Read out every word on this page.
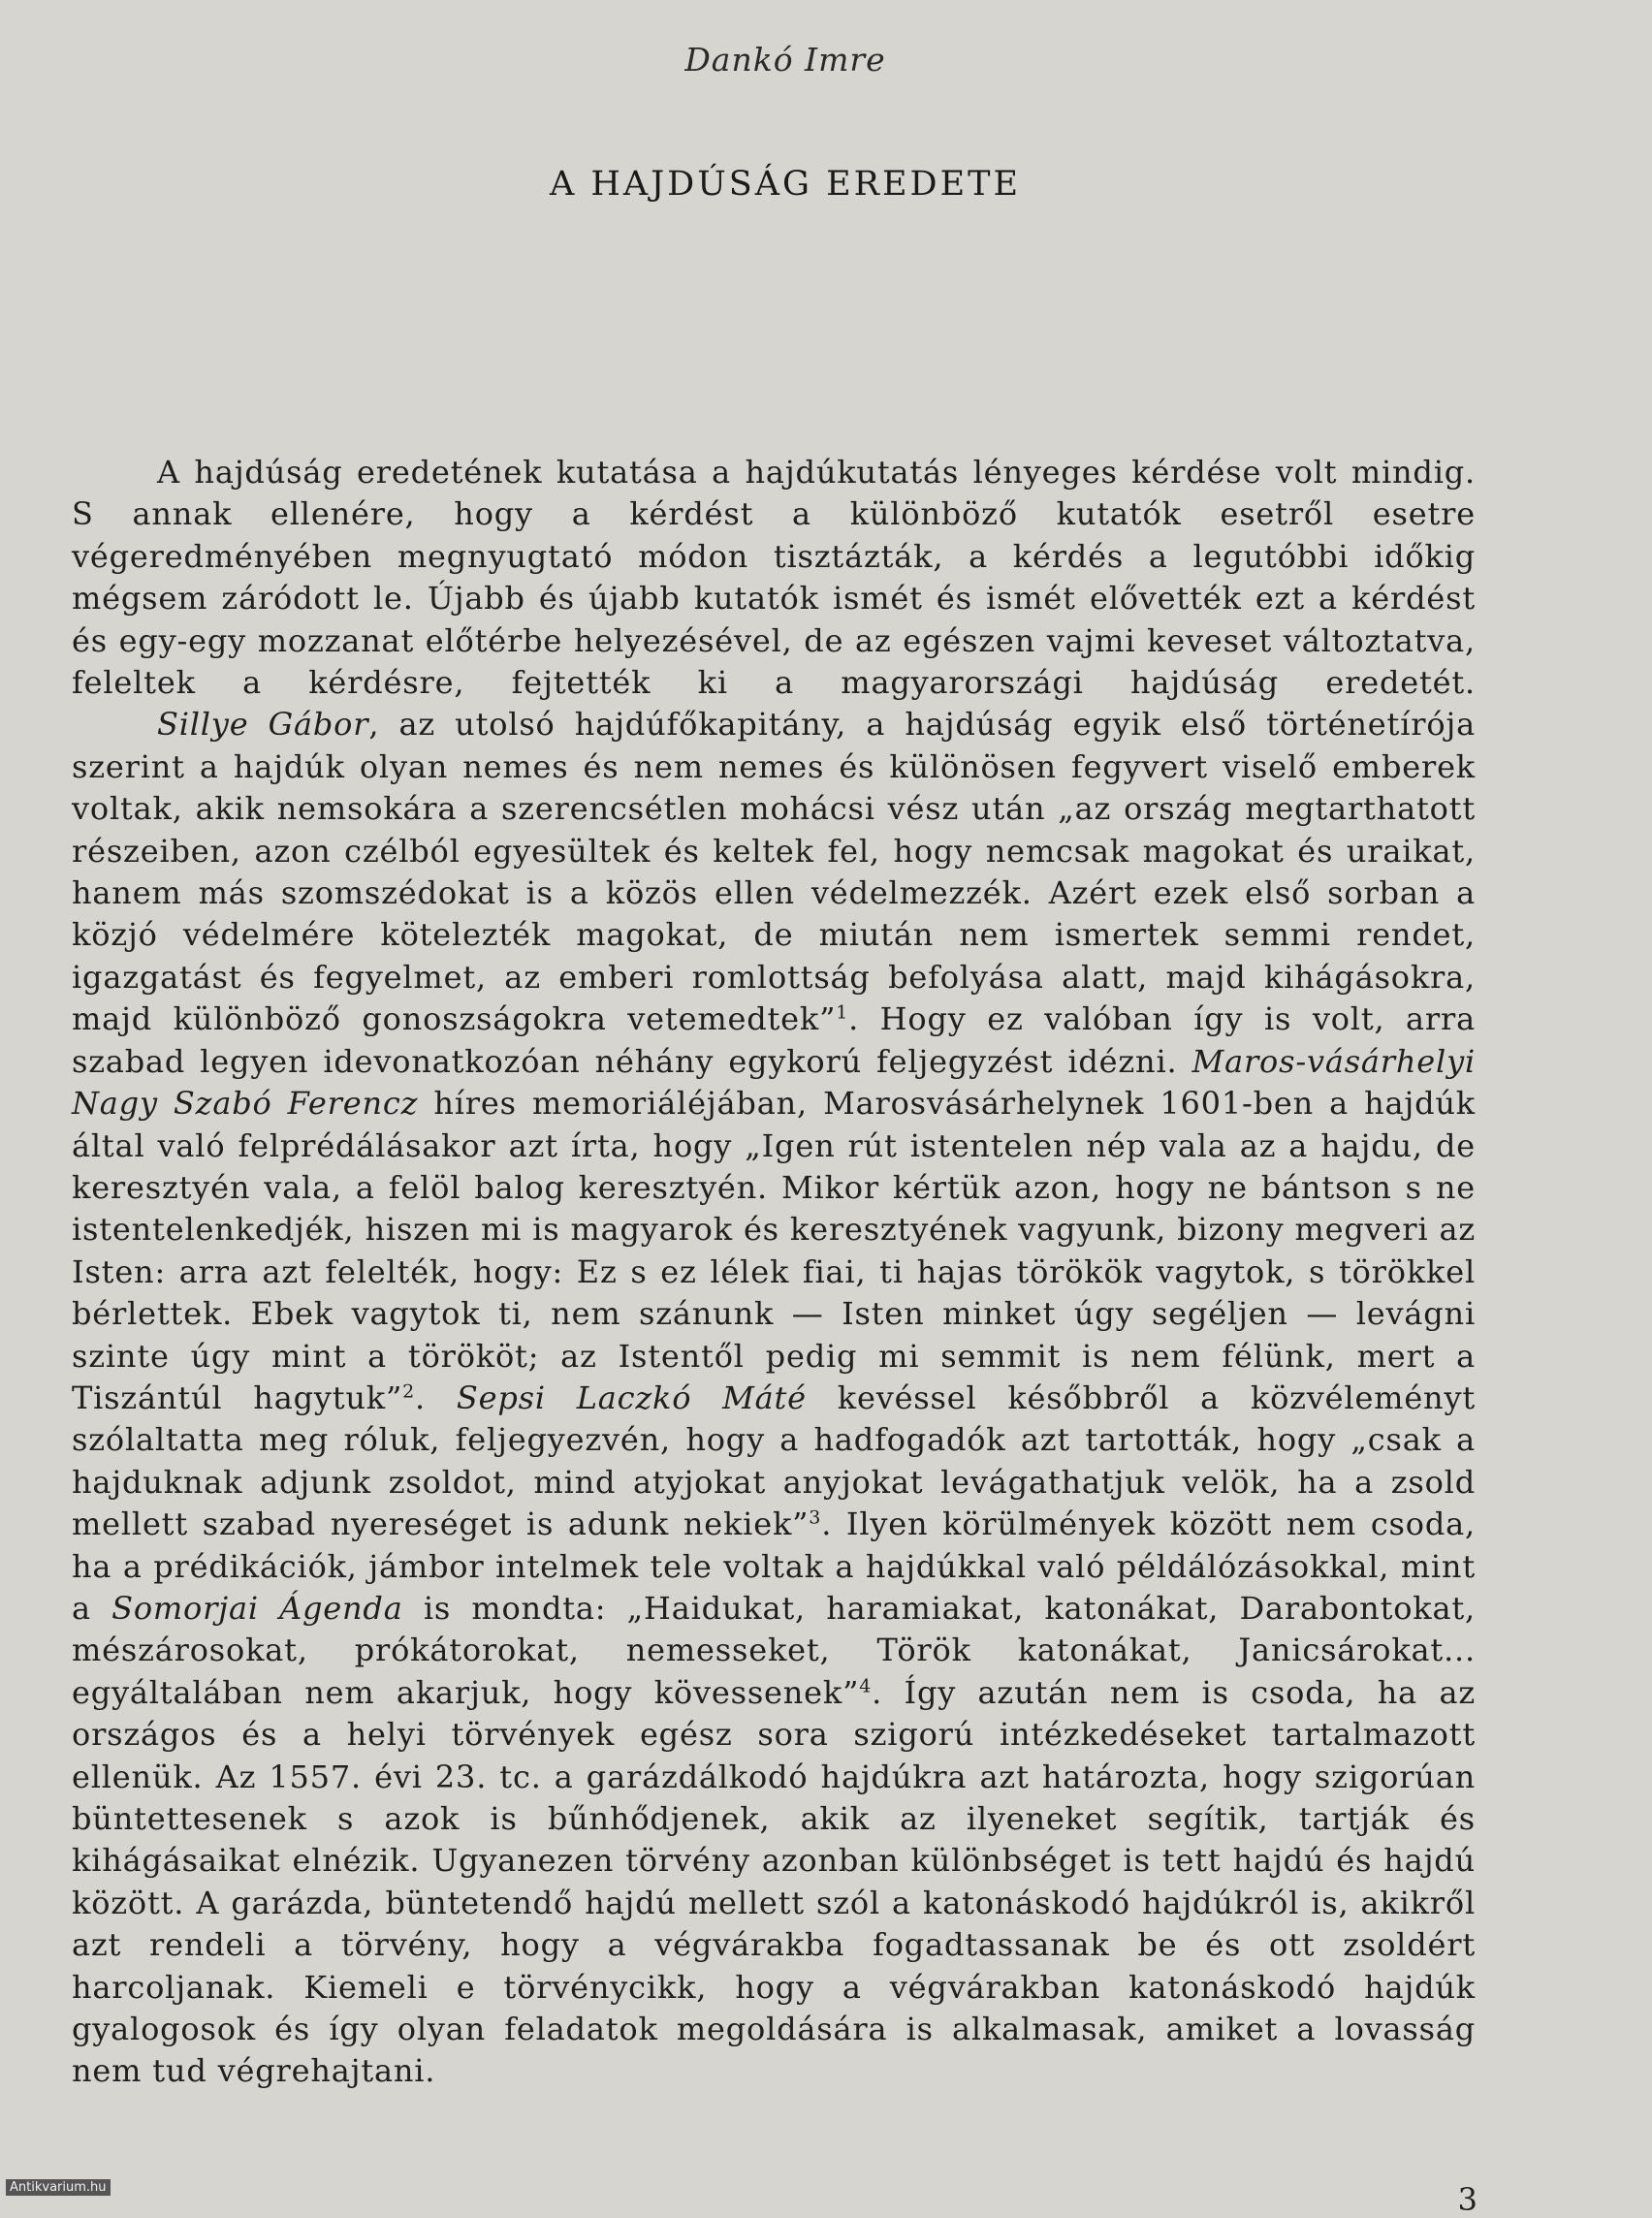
Dankó Imre
A HAJDÚSÁG EREDETE

A hajdúság eredetének kutatása a hajdúkutatás lényeges kérdése volt mindig. S annak ellenére, hogy a kérdést a különböző kutatók esetről esetre végeredményében megnyugtató módon tisztázták, a kérdés a legutóbbi időkig mégsem záródott le. Újabb és újabb kutatók ismét és ismét elővették ezt a kérdést és egy-egy mozzanat előtérbe helyezésével, de az egészen vajmi keveset változtatva, feleltek a kérdésre, fejtették ki a magyarországi hajdúság eredetét.

Sillye Gábor, az utolsó hajdúfőkapitány, a hajdúság egyik első történetírója szerint a hajdúk olyan nemes és nem nemes és különösen fegyvert viselő emberek voltak, akik nemsokára a szerencsétlen mohácsi vész után „az ország megtarthatott részeiben, azon czélból egyesültek és keltek fel, hogy nemcsak magokat és uraikat, hanem más szomszédokat is a közös ellen védelmezzék. Azért ezek első sorban a közjó védelmére kötelezték magokat, de miután nem ismertek semmi rendet, igazgatást és fegyelmet, az emberi romlottság befolyása alatt, majd kihágásokra, majd különböző gonoszságokra vetemedtek”$^1$. Hogy ez valóban így is volt, arra szabad legyen idevonatkozóan néhány egykorú feljegyzést idézni. Maros-vásárhelyi Nagy Szabó Ferencz híres memoriáléjában, Marosvásárhelynek 1601-ben a hajdúk által való felprédálásakor azt írta, hogy „Igen rút istentelen nép vala az a hajdu, de keresztyén vala, a felöl balog keresztyén. Mikor kértük azon, hogy ne bántson s ne istentelenkedjék, hiszen mi is magyarok és keresztyének vagyunk, bizony megveri az Isten: arra azt felelték, hogy: Ez s ez lélek fiai, ti hajas törökök vagytok, s törökkel bérlettek. Ebek vagytok ti, nem szánunk — Isten minket úgy segéljen — levágni szinte úgy mint a törököt; az Istentől pedig mi semmit is nem félünk, mert a Tiszántúl hagytuk”$^2$. Sepsi Laczkó Máté kevéssel későbbről a közvéleményt szólaltatta meg róluk, feljegyezvén, hogy a hadfogadók azt tartották, hogy „csak a hajduknak adjunk zsoldot, mind atyjokat anyjokat levágathatjuk velök, ha a zsold mellett szabad nyereséget is adunk nekiek”$^3$. Ilyen körülmények között nem csoda, ha a prédikációk, jámbor intelmek tele voltak a hajdúkkal való példálózásokkal, mint a Somorjai Ágenda is mondta: „Haidukat, haramiakat, katonákat, Darabontokat, mészárosokat, prókátorokat, nemesseket, Török katonákat, Janicsárokat... egyáltalában nem akarjuk, hogy kövessenek”$^4$. Így azután nem is csoda, ha az országos és a helyi törvények egész sora szigorú intézkedéseket tartalmazott ellenük. Az 1557. évi 23. tc. a garázdálkodó hajdúkra azt határozta, hogy szigorúan büntettesenek s azok is bűnhődjenek, akik az ilyeneket segítik, tartják és kihágásaikat elnézik. Ugyanezen törvény azonban különbséget is tett hajdú és hajdú között. A garázda, büntetendő hajdú mellett szól a katonáskodó hajdúkról is, akikről azt rendeli a törvény, hogy a végvárakba fogadtassanak be és ott zsoldért harcoljanak. Kiemeli e törvénycikk, hogy a végvárakban katonáskodó hajdúk gyalogosok és így olyan feladatok megoldására is alkalmasak, amiket a lovasság nem tud végrehajtani.

Antikvarium.hu	3
